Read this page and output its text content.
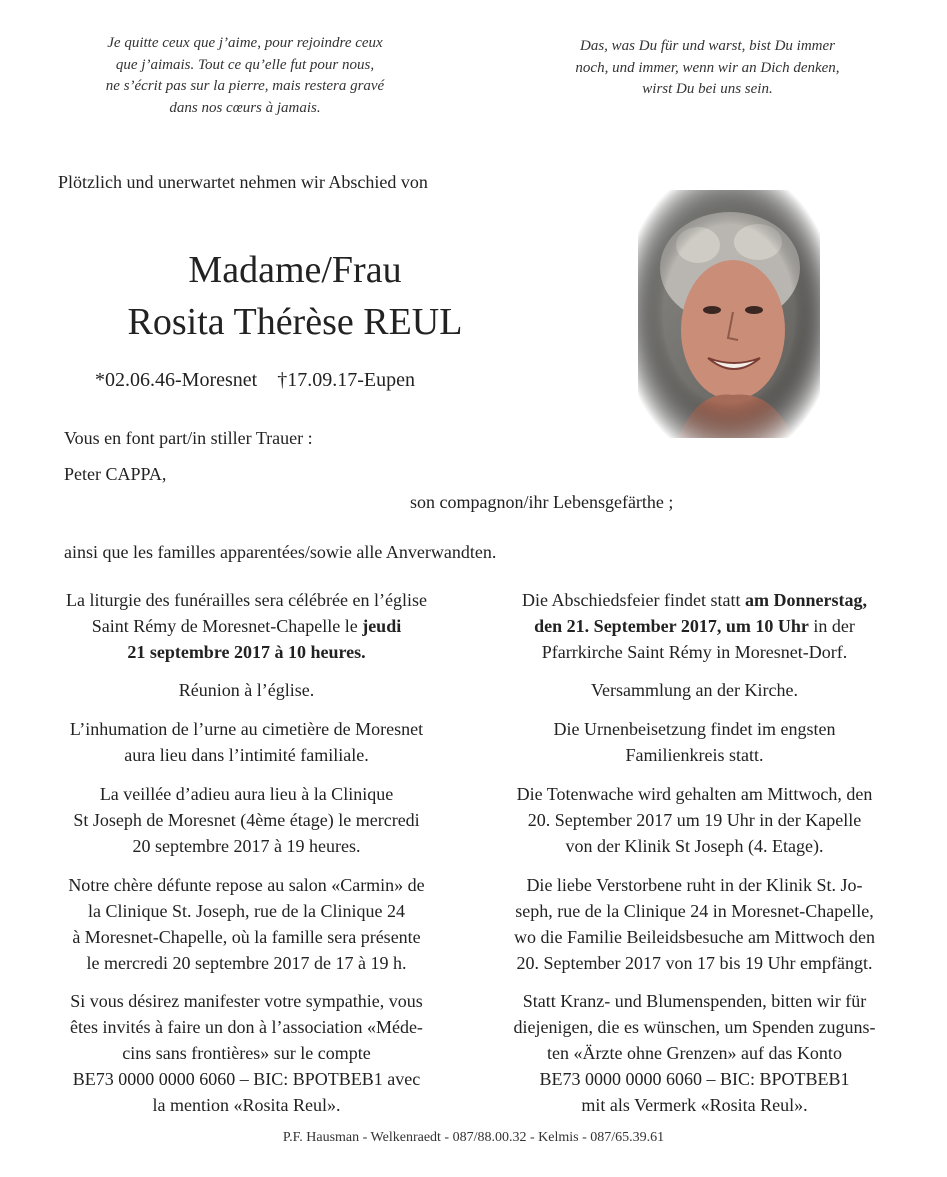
Je quitte ceux que j’aime, pour rejoindre ceux
que j’aimais. Tout ce qu’elle fut pour nous,
ne s’écrit pas sur la pierre, mais restera gravé
dans nos cœurs à jamais.
Das, was Du für und warst, bist Du immer
noch, und immer, wenn wir an Dich denken,
wirst Du bei uns sein.
Plötzlich und unerwartet nehmen wir Abschied von
Madame/Frau
Rosita Thérèse REUL
*02.06.46-Moresnet †17.09.17-Eupen
Vous en font part/in stiller Trauer :
Peter CAPPA,
son compagnon/ihr Lebensgefärthe ;
ainsi que les familles apparentées/sowie alle Anverwandten.

La liturgie des funérailles sera célébrée en l’église

Saint Rémy de Moresnet-Chapelle le jeudi

21 septembre 2017 à 10 heures.

Réunion à l’église.

L’inhumation de l’urne au cimetière de Moresnet

aura lieu dans l’intimité familiale.

La veillée d’adieu aura lieu à la Clinique

St Joseph de Moresnet (4ème étage) le mercredi

20 septembre 2017 à 19 heures.

Notre chère défunte repose au salon «Carmin» de

la Clinique St. Joseph, rue de la Clinique 24

à Moresnet-Chapelle, où la famille sera présente

le mercredi 20 septembre 2017 de 17 à 19 h.

Si vous désirez manifester votre sympathie, vous

êtes invités à faire un don à l’association «Méde-

cins sans frontières» sur le compte

BE73 0000 0000 6060 – BIC: BPOTBEB1 avec

la mention «Rosita Reul».

Die Abschiedsfeier findet statt am Donnerstag,

den 21. September 2017, um 10 Uhr in der

Pfarrkirche Saint Rémy in Moresnet-Dorf.

Versammlung an der Kirche.

Die Urnenbeisetzung findet im engsten

Familienkreis statt.

Die Totenwache wird gehalten am Mittwoch, den

20. September 2017 um 19 Uhr in der Kapelle

von der Klinik St Joseph (4. Etage).

Die liebe Verstorbene ruht in der Klinik St. Jo-

seph, rue de la Clinique 24 in Moresnet-Chapelle,

wo die Familie Beileidsbesuche am Mittwoch den

20. September 2017 von 17 bis 19 Uhr empfängt.

Statt Kranz- und Blumenspenden, bitten wir für

diejenigen, die es wünschen, um Spenden zuguns-

ten «Ärzte ohne Grenzen» auf das Konto

BE73 0000 0000 6060 – BIC: BPOTBEB1

mit als Vermerk «Rosita Reul».

P.F. Hausman - Welkenraedt - 087/88.00.32 - Kelmis - 087/65.39.61
